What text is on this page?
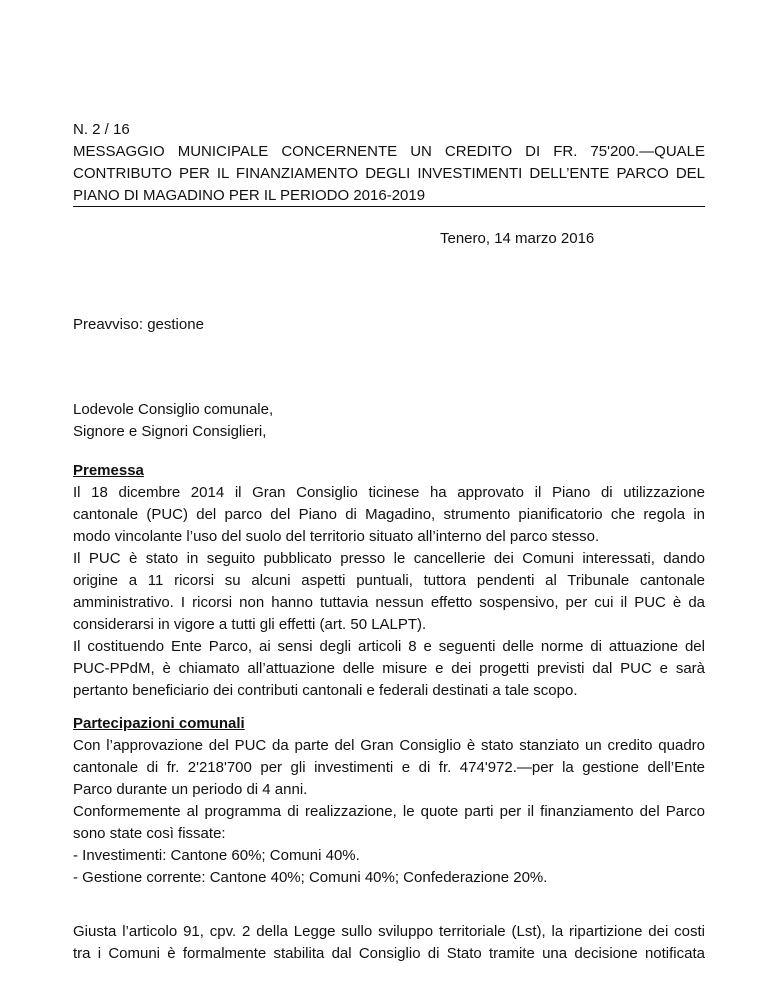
N. 2 / 16
MESSAGGIO MUNICIPALE CONCERNENTE UN CREDITO DI FR. 75'200.—QUALE
CONTRIBUTO PER IL FINANZIAMENTO DEGLI INVESTIMENTI DELL’ENTE PARCO DEL
PIANO DI MAGADINO PER IL PERIODO 2016-2019
Tenero, 14 marzo 2016
Preavviso: gestione
Lodevole Consiglio comunale,
Signore e Signori Consiglieri,
Premessa
Il 18 dicembre 2014 il Gran Consiglio ticinese ha approvato il Piano di utilizzazione
cantonale (PUC) del parco del Piano di Magadino, strumento pianificatorio che regola in
modo vincolante l’uso del suolo del territorio situato all’interno del parco stesso.
Il PUC è stato in seguito pubblicato presso le cancellerie dei Comuni interessati, dando
origine a 11 ricorsi su alcuni aspetti puntuali, tuttora pendenti al Tribunale cantonale
amministrativo. I ricorsi non hanno tuttavia nessun effetto sospensivo, per cui il PUC è da
considerarsi in vigore a tutti gli effetti (art. 50 LALPT).
Il costituendo Ente Parco, ai sensi degli articoli 8 e seguenti delle norme di attuazione del
PUC-PPdM, è chiamato all’attuazione delle misure e dei progetti previsti dal PUC e sarà
pertanto beneficiario dei contributi cantonali e federali destinati a tale scopo.
Partecipazioni comunali
Con l’approvazione del PUC da parte del Gran Consiglio è stato stanziato un credito quadro
cantonale di fr. 2'218'700 per gli investimenti e di fr. 474'972.—per la gestione dell’Ente
Parco durante un periodo di 4 anni.
Conformemente al programma di realizzazione, le quote parti per il finanziamento del Parco
sono state così fissate:
- Investimenti: Cantone 60%; Comuni 40%.
- Gestione corrente: Cantone 40%; Comuni 40%; Confederazione 20%.
Giusta l’articolo 91, cpv. 2 della Legge sullo sviluppo territoriale (Lst), la ripartizione dei costi
tra i Comuni è formalmente stabilita dal Consiglio di Stato tramite una decisione notificata
